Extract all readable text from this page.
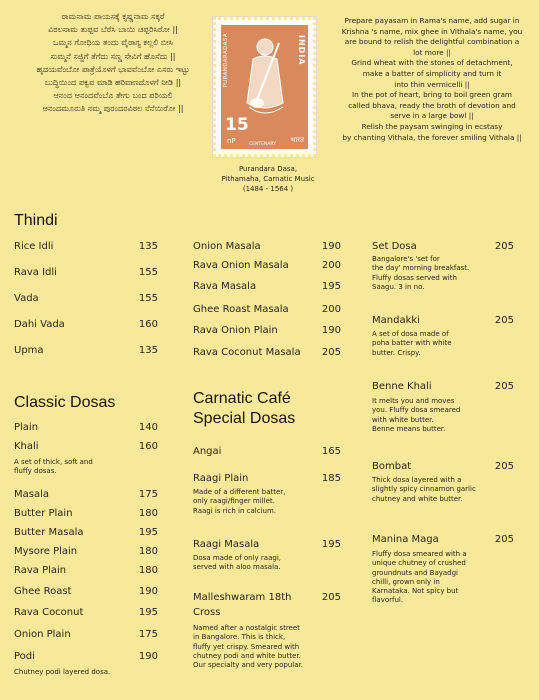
ರಾಮನಾಮ ಪಾಯಸಕ್ಕೆ ಕೃಷ್ಣನಾಮ ಸಕ್ಕರೆ
ವಿಠಲನಾಮ ತುಪ್ಪವ ಬೆರೆಸಿ ಬಾಯಿ ಚಪ್ಪರಿಸಿರೋ ||
ಒಮ್ಮನ ಗೋಧಿಯ ತಂದು ವೈರಾಗ್ಯ ಕಲ್ಲಲಿ ಬೀಸಿ
ಸುಮ್ಮನೆ ಸಜ್ಜಿಗೆ ತೆಗೆದು ಸಣ್ಣ ಸೇವಿಗೆ ಹೊಸೆದು ||
ಹೃದಯವೆಂಬೋ ಪಾತ್ರೆಯೊಳಗೆ ಭಾವವೆಂಬೋ ಎಸರು ಇಟ್ಟು
ಬುದ್ಧಿಯಿಂದ ಪಕ್ವವ ಮಾಡಿ ಹರಿವಾಣದೊಳಗೆ ನೀಡಿ ||
ಆನಂದ ಆನಂದವೆಂಬೊ ತೇಗು ಬಂದ ಪರಿಯಲಿ
ಆನಂದಮೂರುತಿ ನಮ್ಮ ಪುರಂದರವಿಠಲ ನೆನೆಯಿರೋ ||
PURANDARADASA	INDIA
15
nP	भारत
CENTENARY
Purandara Dasa,
Pithamaha, Carnatic Music
(1484 - 1564 )
Prepare payasam in Rama's name, add sugar in
Krishna 's name, mix ghee in Vithala's name, you
are bound to relish the delightful combination a
lot more ||
Grind wheat with the stones of detachment,
make a batter of simplicity and turn it
into thin vermicelli ||
In the pot of heart, bring to boil green gram
called bhava, ready the broth of devotion and
serve in a large bowl ||
Relish the paysam swinging in ecstasy
by chanting Vithala, the forever smiling Vithala ||
Thindi
Rice Idli	135
Rava Idli	155
Vada	155
Dahi Vada	160
Upma	135
Classic Dosas
Plain	140
Khali	160
A set of thick, soft and
fluffy dosas.
Masala	175
Butter Plain	180
Butter Masala	195
Mysore Plain	180
Rava Plain	180
Ghee Roast	190
Rava Coconut	195
Onion Plain	175
Podi	190
Chutney podi layered dosa.
Onion Masala	190
Rava Onion Masala	200
Rava Masala	195
Ghee Roast Masala	200
Rava Onion Plain	190
Rava Coconut Masala	205
Carnatic Café
Special Dosas
Angai	165
Raagi Plain	185
Made of a different batter,
only raagi/finger millet.
Raagi is rich in calcium.
Raagi Masala	195
Dosa made of only raagi,
served with aloo masala.
Malleshwaram 18th	205
Cross
Named after a nostalgic street
in Bangalore. This is thick,
fluffy yet crispy. Smeared with
chutney podi and white butter.
Our specialty and very popular.
Set Dosa	205
Bangalore's 'set for
the day' morning breakfast.
Fluffy dosas served with
Saagu. 3 in no.
Mandakki	205
A set of dosa made of
poha batter with white
butter. Crispy.
Benne Khali	205
It melts you and moves
you. Fluffy dosa smeared
with white butter.
Benne means butter.
Bombat	205
Thick dosa layered with a
slightly spicy cinnamon garlic
chutney and white butter.
Manina Maga	205
Fluffy dosa smeared with a
unique chutney of crushed
groundnuts and Bayadgi
chilli, grown only in
Karnataka. Not spicy but
flavorful.
